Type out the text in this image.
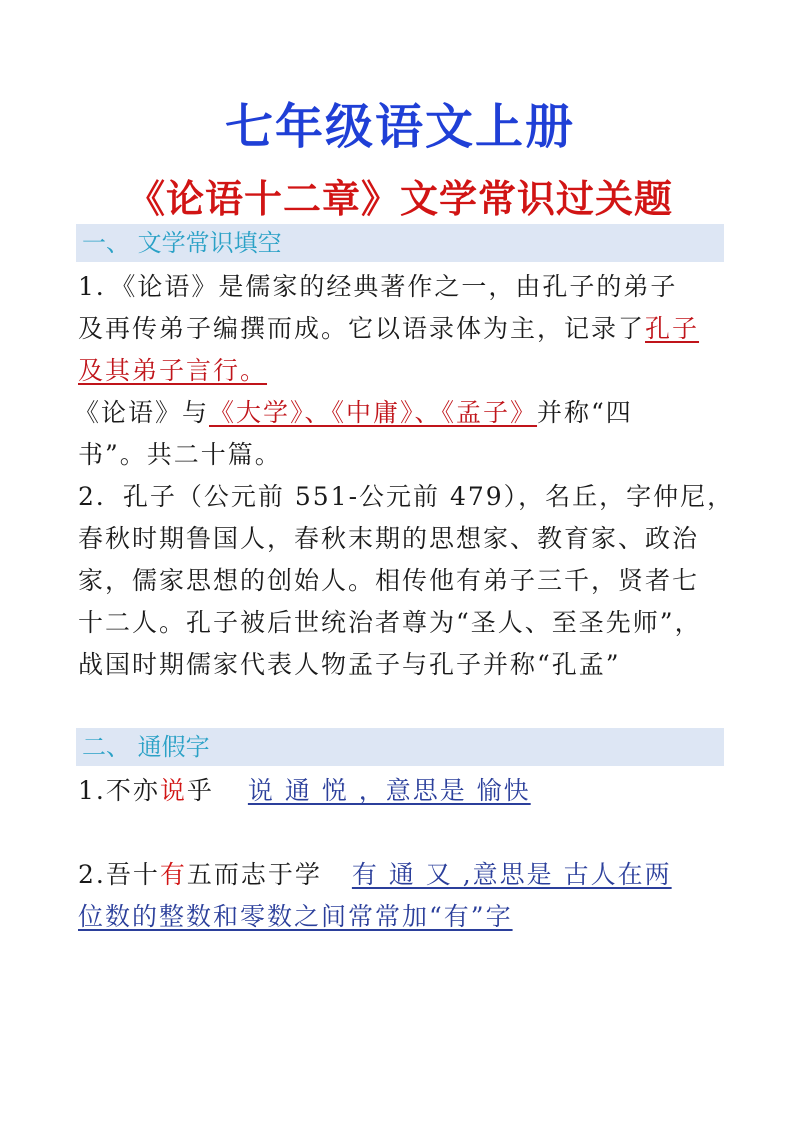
七年级语文上册
《论语十二章》文学常识过关题
一、 文学常识填空
1．《论语》是儒家的经典著作之一，由孔子的弟子
及再传弟子编撰而成。它以语录体为主，记录了孔子
及其弟子言行。
《论语》与《大学》、《中庸》、《孟子》并称“四
书”。共二十篇。
2．孔子（公元前 551-公元前 479），名丘，字仲尼，
春秋时期鲁国人，春秋末期的思想家、教育家、政治
家，儒家思想的创始人。相传他有弟子三千，贤者七
十二人。孔子被后世统治者尊为“圣人、至圣先师”，
战国时期儒家代表人物孟子与孔子并称“孔孟”
二、 通假字
1.不亦说乎 说 通 悦 ，意思是 愉快
2.吾十有五而志于学 有 通 又 ,意思是 古人在两
位数的整数和零数之间常常加“有”字
